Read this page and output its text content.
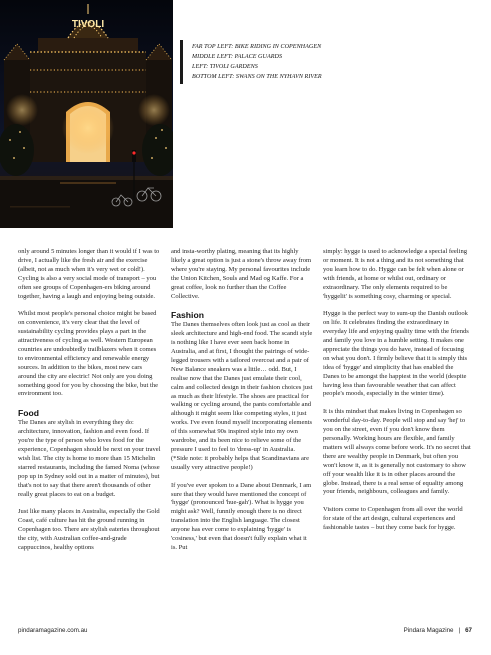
TIVOLI
FAR TOP LEFT: BIKE RIDING IN COPENHAGEN
MIDDLE LEFT: PALACE GUARDS
LEFT: TIVOLI GARDENS
BOTTOM LEFT: SWANS ON THE NYHAVN RIVER

only around 5 minutes longer than it would if I was to drive, I actually like the fresh air and the exercise (albeit, not as much when it's very wet or cold!). Cycling is also a very social mode of transport – you often see groups of Copenhagen-ers biking around together, having a laugh and enjoying being outside.

Whilst most people's personal choice might be based on convenience, it's very clear that the level of sustainability cycling provides plays a part in the attractiveness of cycling as well. Western European countries are undoubtedly trailblazers when it comes to environmental efficiency and renewable energy sources. In addition to the bikes, most new cars around the city are electric! Not only are you doing something good for you by choosing the bike, but the environment too.

Food

The Danes are stylish in everything they do: architecture, innovation, fashion and even food. If you're the type of person who loves food for the experience, Copenhagen should be next on your travel wish list. The city is home to more than 15 Michelin starred restaurants, including the famed Noma (whose pop up in Sydney sold out in a matter of minutes), but that's not to say that there aren't thousands of other really great places to eat on a budget.

Just like many places in Australia, especially the Gold Coast, café culture has hit the ground running in Copenhagen too. There are stylish eateries throughout the city, with Australian coffee-and-grade cappuccinos, healthy options

and insta-worthy plating, meaning that its highly likely a great option is just a stone's throw away from where you're staying. My personal favourites include the Union Kitchen, Souls and Mad og Kaffe. For a great coffee, look no further than the Coffee Collective.

Fashion

The Danes themselves often look just as cool as their sleek architecture and high-end food. The scandi style is nothing like I have ever seen back home in Australia, and at first, I thought the pairings of wide-legged trousers with a tailored overcoat and a pair of New Balance sneakers was a little… odd. But, I realise now that the Danes just emulate their cool, calm and collected design in their fashion choices just as much as their lifestyle. The shoes are practical for walking or cycling around, the pants comfortable and although it might seem like competing styles, it just works. I've even found myself incorporating elements of this somewhat 90s inspired style into my own wardrobe, and its been nice to relieve some of the pressure I used to feel to 'dress-up' in Australia.

(*Side note: it probably helps that Scandinavians are usually very attractive people!)

If you've ever spoken to a Dane about Denmark, I am sure that they would have mentioned the concept of 'hygge' (pronounced 'hue-gah'). What is hygge you might ask? Well, funnily enough there is no direct translation into the English language. The closest anyone has ever come to explaining 'hygge' is 'cosiness,' but even that doesn't fully explain what it is. Put

simply: hygge is used to acknowledge a special feeling or moment. It is not a thing and its not something that you learn how to do. Hygge can be felt when alone or with friends, at home or whilst out, ordinary or extraordinary. The only elements required to be 'hyggelit' is something cosy, charming or special.

Hygge is the perfect way to sum-up the Danish outlook on life. It celebrates finding the extraordinary in everyday life and enjoying quality time with the friends and family you love in a humble setting. It makes one appreciate the things you do have, instead of focusing on what you don't. I firmly believe that it is simply this idea of 'hygge' and simplicity that has enabled the Danes to be amongst the happiest in the world (despite having less than favourable weather that can affect people's moods, especially in the winter time).

It is this mindset that makes living in Copenhagen so wonderful day-to-day. People will stop and say 'hej' to you on the street, even if you don't know them personally. Working hours are flexible, and family matters will always come before work. It's no secret that there are wealthy people in Denmark, but often you won't know it, as it is generally not customary to show off your wealth like it is in other places around the globe. Instead, there is a real sense of equality among your friends, neighbours, colleagues and family.

Visitors come to Copenhagen from all over the world for state of the art design, cultural experiences and fashionable tastes – but they come back for hygge.

pindaramagazine.com.au	Pindara Magazine | 67
